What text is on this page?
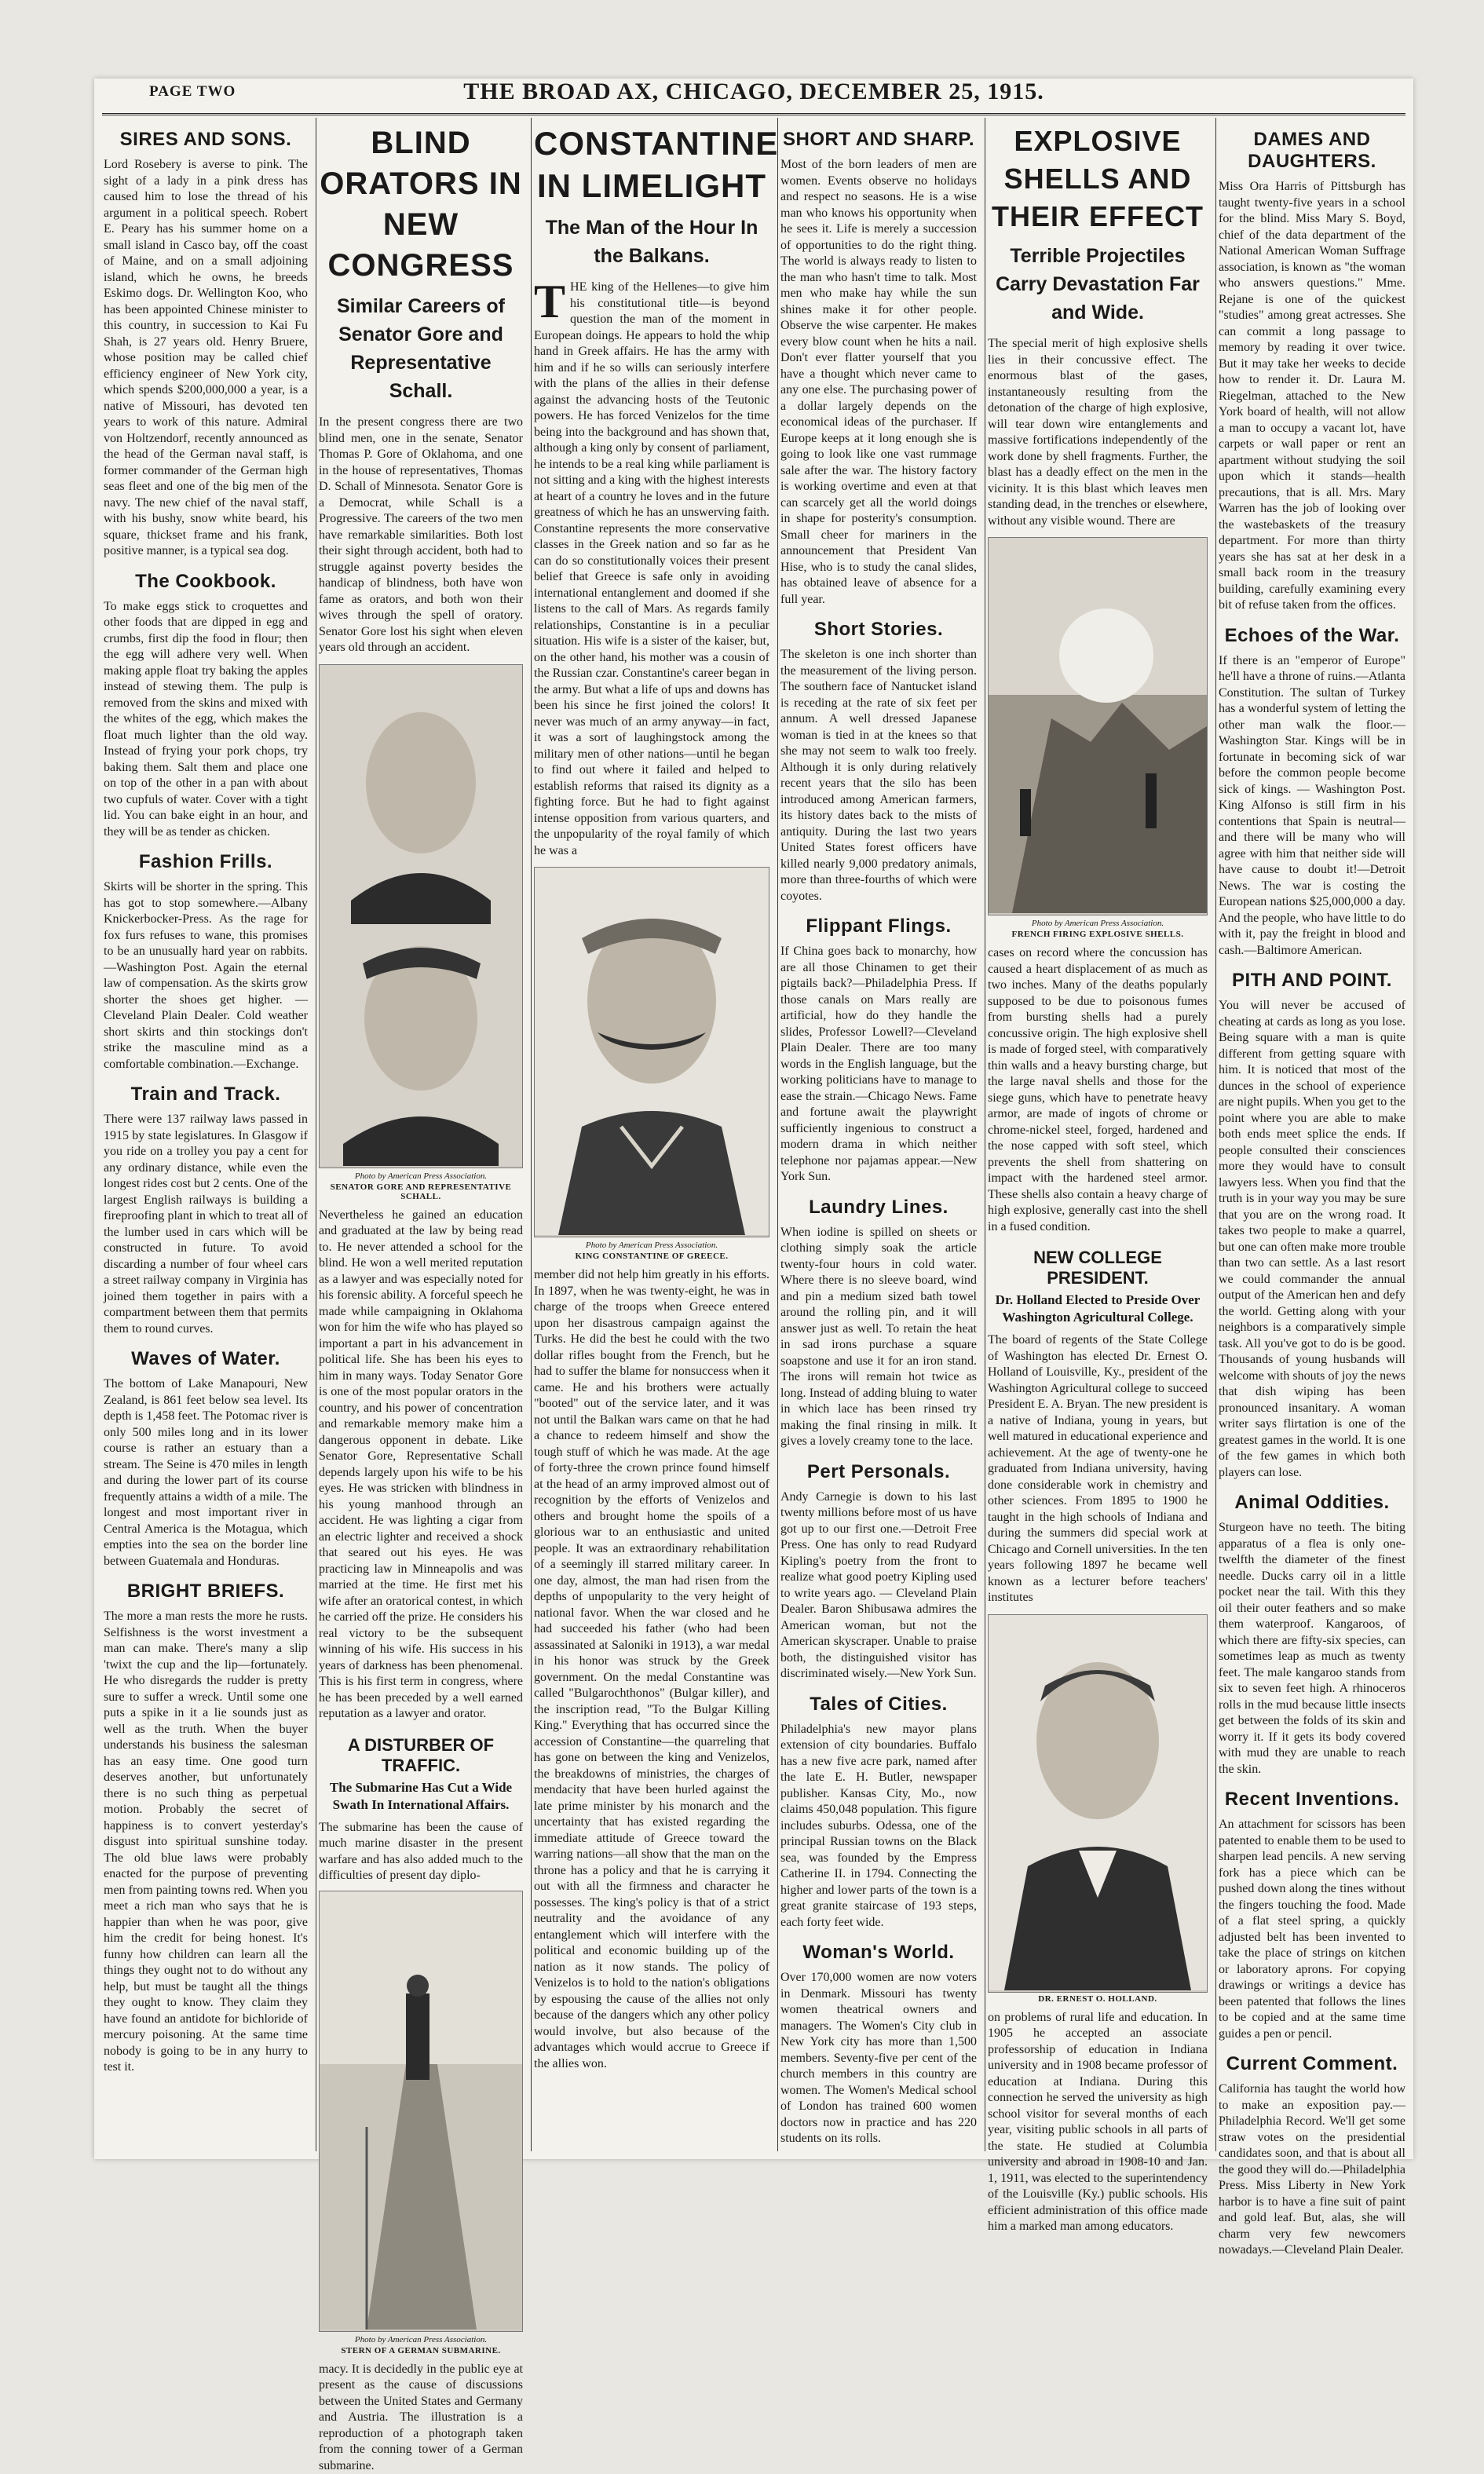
PAGE TWO	THE BROAD AX, CHICAGO, DECEMBER 25, 1915.
SIRES AND SONS.
Lord Rosebery is averse to pink. The sight of a lady in a pink dress has caused him to lose the thread of his argument in a political speech. Robert E. Peary has his summer home on a small island in Casco bay, off the coast of Maine, and on a small adjoining island, which he owns, he breeds Eskimo dogs. Dr. Wellington Koo, who has been appointed Chinese minister to this country, in succession to Kai Fu Shah, is 27 years old. Henry Bruere, whose position may be called chief efficiency engineer of New York city, which spends $200,000,000 a year, is a native of Missouri, has devoted ten years to work of this nature. Admiral von Holtzendorf, recently announced as the head of the German naval staff, is former commander of the German high seas fleet and one of the big men of the navy. The new chief of the naval staff, with his bushy, snow white beard, his square, thickset frame and his frank, positive manner, is a typical sea dog.
The Cookbook.
To make eggs stick to croquettes and other foods that are dipped in egg and crumbs, first dip the food in flour; then the egg will adhere very well. When making apple float try baking the apples instead of stewing them. The pulp is removed from the skins and mixed with the whites of the egg, which makes the float much lighter than the old way. Instead of frying your pork chops, try baking them. Salt them and place one on top of the other in a pan with about two cupfuls of water. Cover with a tight lid. You can bake eight in an hour, and they will be as tender as chicken.
Fashion Frills.
Skirts will be shorter in the spring. This has got to stop somewhere.—Albany Knickerbocker-Press. As the rage for fox furs refuses to wane, this promises to be an unusually hard year on rabbits.—Washington Post. Again the eternal law of compensation. As the skirts grow shorter the shoes get higher. — Cleveland Plain Dealer. Cold weather short skirts and thin stockings don't strike the masculine mind as a comfortable combination.—Exchange.
Train and Track.
There were 137 railway laws passed in 1915 by state legislatures. In Glasgow if you ride on a trolley you pay a cent for any ordinary distance, while even the longest rides cost but 2 cents. One of the largest English railways is building a fireproofing plant in which to treat all of the lumber used in cars which will be constructed in future. To avoid discarding a number of four wheel cars a street railway company in Virginia has joined them together in pairs with a compartment between them that permits them to round curves.
Waves of Water.
The bottom of Lake Manapouri, New Zealand, is 861 feet below sea level. Its depth is 1,458 feet. The Potomac river is only 500 miles long and in its lower course is rather an estuary than a stream. The Seine is 470 miles in length and during the lower part of its course frequently attains a width of a mile. The longest and most important river in Central America is the Motagua, which empties into the sea on the border line between Guatemala and Honduras.
BRIGHT BRIEFS.
The more a man rests the more he rusts. Selfishness is the worst investment a man can make. There's many a slip 'twixt the cup and the lip—fortunately. He who disregards the rudder is pretty sure to suffer a wreck. Until some one puts a spike in it a lie sounds just as well as the truth. When the buyer understands his business the salesman has an easy time. One good turn deserves another, but unfortunately there is no such thing as perpetual motion. Probably the secret of happiness is to convert yesterday's disgust into spiritual sunshine today. The old blue laws were probably enacted for the purpose of preventing men from painting towns red. When you meet a rich man who says that he is happier than when he was poor, give him the credit for being honest. It's funny how children can learn all the things they ought not to do without any help, but must be taught all the things they ought to know. They claim they have found an antidote for bichloride of mercury poisoning. At the same time nobody is going to be in any hurry to test it.
BLIND ORATORS IN NEW CONGRESS
Similar Careers of Senator Gore and Representative Schall.
In the present congress there are two blind men, one in the senate, Senator Thomas P. Gore of Oklahoma, and one in the house of representatives, Thomas D. Schall of Minnesota. Senator Gore is a Democrat, while Schall is a Progressive. The careers of the two men have remarkable similarities. Both lost their sight through accident, both had to struggle against poverty besides the handicap of blindness, both have won fame as orators, and both won their wives through the spell of oratory. Senator Gore lost his sight when eleven years old through an accident.
Photo by American Press Association.
SENATOR GORE AND REPRESENTATIVE SCHALL.
Nevertheless he gained an education and graduated at the law by being read to. He never attended a school for the blind. He won a well merited reputation as a lawyer and was especially noted for his forensic ability. A forceful speech he made while campaigning in Oklahoma won for him the wife who has played so important a part in his advancement in political life. She has been his eyes to him in many ways. Today Senator Gore is one of the most popular orators in the country, and his power of concentration and remarkable memory make him a dangerous opponent in debate. Like Senator Gore, Representative Schall depends largely upon his wife to be his eyes. He was stricken with blindness in his young manhood through an accident. He was lighting a cigar from an electric lighter and received a shock that seared out his eyes. He was practicing law in Minneapolis and was married at the time. He first met his wife after an oratorical contest, in which he carried off the prize. He considers his real victory to be the subsequent winning of his wife. His success in his years of darkness has been phenomenal. This is his first term in congress, where he has been preceded by a well earned reputation as a lawyer and orator.
A DISTURBER OF TRAFFIC.
The Submarine Has Cut a Wide Swath In International Affairs.
The submarine has been the cause of much marine disaster in the present warfare and has also added much to the difficulties of present day diplo-
Photo by American Press Association.
STERN OF A GERMAN SUBMARINE.
macy. It is decidedly in the public eye at present as the cause of discussions between the United States and Germany and Austria. The illustration is a reproduction of a photograph taken from the conning tower of a German submarine.
CONSTANTINE IN LIMELIGHT
The Man of the Hour In the Balkans.
THE king of the Hellenes—to give him his constitutional title—is beyond question the man of the moment in European doings. He appears to hold the whip hand in Greek affairs. He has the army with him and if he so wills can seriously interfere with the plans of the allies in their defense against the advancing hosts of the Teutonic powers. He has forced Venizelos for the time being into the background and has shown that, although a king only by consent of parliament, he intends to be a real king while parliament is not sitting and a king with the highest interests at heart of a country he loves and in the future greatness of which he has an unswerving faith. Constantine represents the more conservative classes in the Greek nation and so far as he can do so constitutionally voices their present belief that Greece is safe only in avoiding international entanglement and doomed if she listens to the call of Mars. As regards family relationships, Constantine is in a peculiar situation. His wife is a sister of the kaiser, but, on the other hand, his mother was a cousin of the Russian czar. Constantine's career began in the army. But what a life of ups and downs has been his since he first joined the colors! It never was much of an army anyway—in fact, it was a sort of laughingstock among the military men of other nations—until he began to find out where it failed and helped to establish reforms that raised its dignity as a fighting force. But he had to fight against intense opposition from various quarters, and the unpopularity of the royal family of which he was a
Photo by American Press Association.
KING CONSTANTINE OF GREECE.
member did not help him greatly in his efforts. In 1897, when he was twenty-eight, he was in charge of the troops when Greece entered upon her disastrous campaign against the Turks. He did the best he could with the two dollar rifles bought from the French, but he had to suffer the blame for nonsuccess when it came. He and his brothers were actually "booted" out of the service later, and it was not until the Balkan wars came on that he had a chance to redeem himself and show the tough stuff of which he was made. At the age of forty-three the crown prince found himself at the head of an army improved almost out of recognition by the efforts of Venizelos and others and brought home the spoils of a glorious war to an enthusiastic and united people. It was an extraordinary rehabilitation of a seemingly ill starred military career. In one day, almost, the man had risen from the depths of unpopularity to the very height of national favor. When the war closed and he had succeeded his father (who had been assassinated at Saloniki in 1913), a war medal in his honor was struck by the Greek government. On the medal Constantine was called "Bulgarochthonos" (Bulgar killer), and the inscription read, "To the Bulgar Killing King." Everything that has occurred since the accession of Constantine—the quarreling that has gone on between the king and Venizelos, the breakdowns of ministries, the charges of mendacity that have been hurled against the late prime minister by his monarch and the uncertainty that has existed regarding the immediate attitude of Greece toward the warring nations—all show that the man on the throne has a policy and that he is carrying it out with all the firmness and character he possesses. The king's policy is that of a strict neutrality and the avoidance of any entanglement which will interfere with the political and economic building up of the nation as it now stands. The policy of Venizelos is to hold to the nation's obligations by espousing the cause of the allies not only because of the dangers which any other policy would involve, but also because of the advantages which would accrue to Greece if the allies won.
SHORT AND SHARP.
Most of the born leaders of men are women. Events observe no holidays and respect no seasons. He is a wise man who knows his opportunity when he sees it. Life is merely a succession of opportunities to do the right thing. The world is always ready to listen to the man who hasn't time to talk. Most men who make hay while the sun shines make it for other people. Observe the wise carpenter. He makes every blow count when he hits a nail. Don't ever flatter yourself that you have a thought which never came to any one else. The purchasing power of a dollar largely depends on the economical ideas of the purchaser. If Europe keeps at it long enough she is going to look like one vast rummage sale after the war. The history factory is working overtime and even at that can scarcely get all the world doings in shape for posterity's consumption. Small cheer for mariners in the announcement that President Van Hise, who is to study the canal slides, has obtained leave of absence for a full year.
Short Stories.
The skeleton is one inch shorter than the measurement of the living person. The southern face of Nantucket island is receding at the rate of six feet per annum. A well dressed Japanese woman is tied in at the knees so that she may not seem to walk too freely. Although it is only during relatively recent years that the silo has been introduced among American farmers, its history dates back to the mists of antiquity. During the last two years United States forest officers have killed nearly 9,000 predatory animals, more than three-fourths of which were coyotes.
Flippant Flings.
If China goes back to monarchy, how are all those Chinamen to get their pigtails back?—Philadelphia Press. If those canals on Mars really are artificial, how do they handle the slides, Professor Lowell?—Cleveland Plain Dealer. There are too many words in the English language, but the working politicians have to manage to ease the strain.—Chicago News. Fame and fortune await the playwright sufficiently ingenious to construct a modern drama in which neither telephone nor pajamas appear.—New York Sun.
Laundry Lines.
When iodine is spilled on sheets or clothing simply soak the article twenty-four hours in cold water. Where there is no sleeve board, wind and pin a medium sized bath towel around the rolling pin, and it will answer just as well. To retain the heat in sad irons purchase a square soapstone and use it for an iron stand. The irons will remain hot twice as long. Instead of adding bluing to water in which lace has been rinsed try making the final rinsing in milk. It gives a lovely creamy tone to the lace.
Pert Personals.
Andy Carnegie is down to his last twenty millions before most of us have got up to our first one.—Detroit Free Press. One has only to read Rudyard Kipling's poetry from the front to realize what good poetry Kipling used to write years ago. — Cleveland Plain Dealer. Baron Shibusawa admires the American woman, but not the American skyscraper. Unable to praise both, the distinguished visitor has discriminated wisely.—New York Sun.
Tales of Cities.
Philadelphia's new mayor plans extension of city boundaries. Buffalo has a new five acre park, named after the late E. H. Butler, newspaper publisher. Kansas City, Mo., now claims 450,048 population. This figure includes suburbs. Odessa, one of the principal Russian towns on the Black sea, was founded by the Empress Catherine II. in 1794. Connecting the higher and lower parts of the town is a great granite staircase of 193 steps, each forty feet wide.
Woman's World.
Over 170,000 women are now voters in Denmark. Missouri has twenty women theatrical owners and managers. The Women's City club in New York city has more than 1,500 members. Seventy-five per cent of the church members in this country are women. The Women's Medical school of London has trained 600 women doctors now in practice and has 220 students on its rolls.
EXPLOSIVE SHELLS AND THEIR EFFECT
Terrible Projectiles Carry Devastation Far and Wide.
The special merit of high explosive shells lies in their concussive effect. The enormous blast of the gases, instantaneously resulting from the detonation of the charge of high explosive, will tear down wire entanglements and massive fortifications independently of the work done by shell fragments. Further, the blast has a deadly effect on the men in the vicinity. It is this blast which leaves men standing dead, in the trenches or elsewhere, without any visible wound. There are
Photo by American Press Association.
FRENCH FIRING EXPLOSIVE SHELLS.
cases on record where the concussion has caused a heart displacement of as much as two inches. Many of the deaths popularly supposed to be due to poisonous fumes from bursting shells had a purely concussive origin. The high explosive shell is made of forged steel, with comparatively thin walls and a heavy bursting charge, but the large naval shells and those for the siege guns, which have to penetrate heavy armor, are made of ingots of chrome or chrome-nickel steel, forged, hardened and the nose capped with soft steel, which prevents the shell from shattering on impact with the hardened steel armor. These shells also contain a heavy charge of high explosive, generally cast into the shell in a fused condition.
NEW COLLEGE PRESIDENT.
Dr. Holland Elected to Preside Over Washington Agricultural College.
The board of regents of the State College of Washington has elected Dr. Ernest O. Holland of Louisville, Ky., president of the Washington Agricultural college to succeed President E. A. Bryan. The new president is a native of Indiana, young in years, but well matured in educational experience and achievement. At the age of twenty-one he graduated from Indiana university, having done considerable work in chemistry and other sciences. From 1895 to 1900 he taught in the high schools of Indiana and during the summers did special work at Chicago and Cornell universities. In the ten years following 1897 he became well known as a lecturer before teachers' institutes
DR. ERNEST O. HOLLAND.
on problems of rural life and education. In 1905 he accepted an associate professorship of education in Indiana university and in 1908 became professor of education at Indiana. During this connection he served the university as high school visitor for several months of each year, visiting public schools in all parts of the state. He studied at Columbia university and abroad in 1908-10 and Jan. 1, 1911, was elected to the superintendency of the Louisville (Ky.) public schools. His efficient administration of this office made him a marked man among educators.
DAMES AND DAUGHTERS.
Miss Ora Harris of Pittsburgh has taught twenty-five years in a school for the blind. Miss Mary S. Boyd, chief of the data department of the National American Woman Suffrage association, is known as "the woman who answers questions." Mme. Rejane is one of the quickest "studies" among great actresses. She can commit a long passage to memory by reading it over twice. But it may take her weeks to decide how to render it. Dr. Laura M. Riegelman, attached to the New York board of health, will not allow a man to occupy a vacant lot, have carpets or wall paper or rent an apartment without studying the soil upon which it stands—health precautions, that is all. Mrs. Mary Warren has the job of looking over the wastebaskets of the treasury department. For more than thirty years she has sat at her desk in a small back room in the treasury building, carefully examining every bit of refuse taken from the offices.
Echoes of the War.
If there is an "emperor of Europe" he'll have a throne of ruins.—Atlanta Constitution. The sultan of Turkey has a wonderful system of letting the other man walk the floor.—Washington Star. Kings will be in fortunate in becoming sick of war before the common people become sick of kings. — Washington Post. King Alfonso is still firm in his contentions that Spain is neutral—and there will be many who will agree with him that neither side will have cause to doubt it!—Detroit News. The war is costing the European nations $25,000,000 a day. And the people, who have little to do with it, pay the freight in blood and cash.—Baltimore American.
PITH AND POINT.
You will never be accused of cheating at cards as long as you lose. Being square with a man is quite different from getting square with him. It is noticed that most of the dunces in the school of experience are night pupils. When you get to the point where you are able to make both ends meet splice the ends. If people consulted their consciences more they would have to consult lawyers less. When you find that the truth is in your way you may be sure that you are on the wrong road. It takes two people to make a quarrel, but one can often make more trouble than two can settle. As a last resort we could commander the annual output of the American hen and defy the world. Getting along with your neighbors is a comparatively simple task. All you've got to do is be good. Thousands of young husbands will welcome with shouts of joy the news that dish wiping has been pronounced insanitary. A woman writer says flirtation is one of the greatest games in the world. It is one of the few games in which both players can lose.
Animal Oddities.
Sturgeon have no teeth. The biting apparatus of a flea is only one-twelfth the diameter of the finest needle. Ducks carry oil in a little pocket near the tail. With this they oil their outer feathers and so make them waterproof. Kangaroos, of which there are fifty-six species, can sometimes leap as much as twenty feet. The male kangaroo stands from six to seven feet high. A rhinoceros rolls in the mud because little insects get between the folds of its skin and worry it. If it gets its body covered with mud they are unable to reach the skin.
Recent Inventions.
An attachment for scissors has been patented to enable them to be used to sharpen lead pencils. A new serving fork has a piece which can be pushed down along the tines without the fingers touching the food. Made of a flat steel spring, a quickly adjusted belt has been invented to take the place of strings on kitchen or laboratory aprons. For copying drawings or writings a device has been patented that follows the lines to be copied and at the same time guides a pen or pencil.
Current Comment.
California has taught the world how to make an exposition pay.—Philadelphia Record. We'll get some straw votes on the presidential candidates soon, and that is about all the good they will do.—Philadelphia Press. Miss Liberty in New York harbor is to have a fine suit of paint and gold leaf. But, alas, she will charm very few newcomers nowadays.—Cleveland Plain Dealer.
